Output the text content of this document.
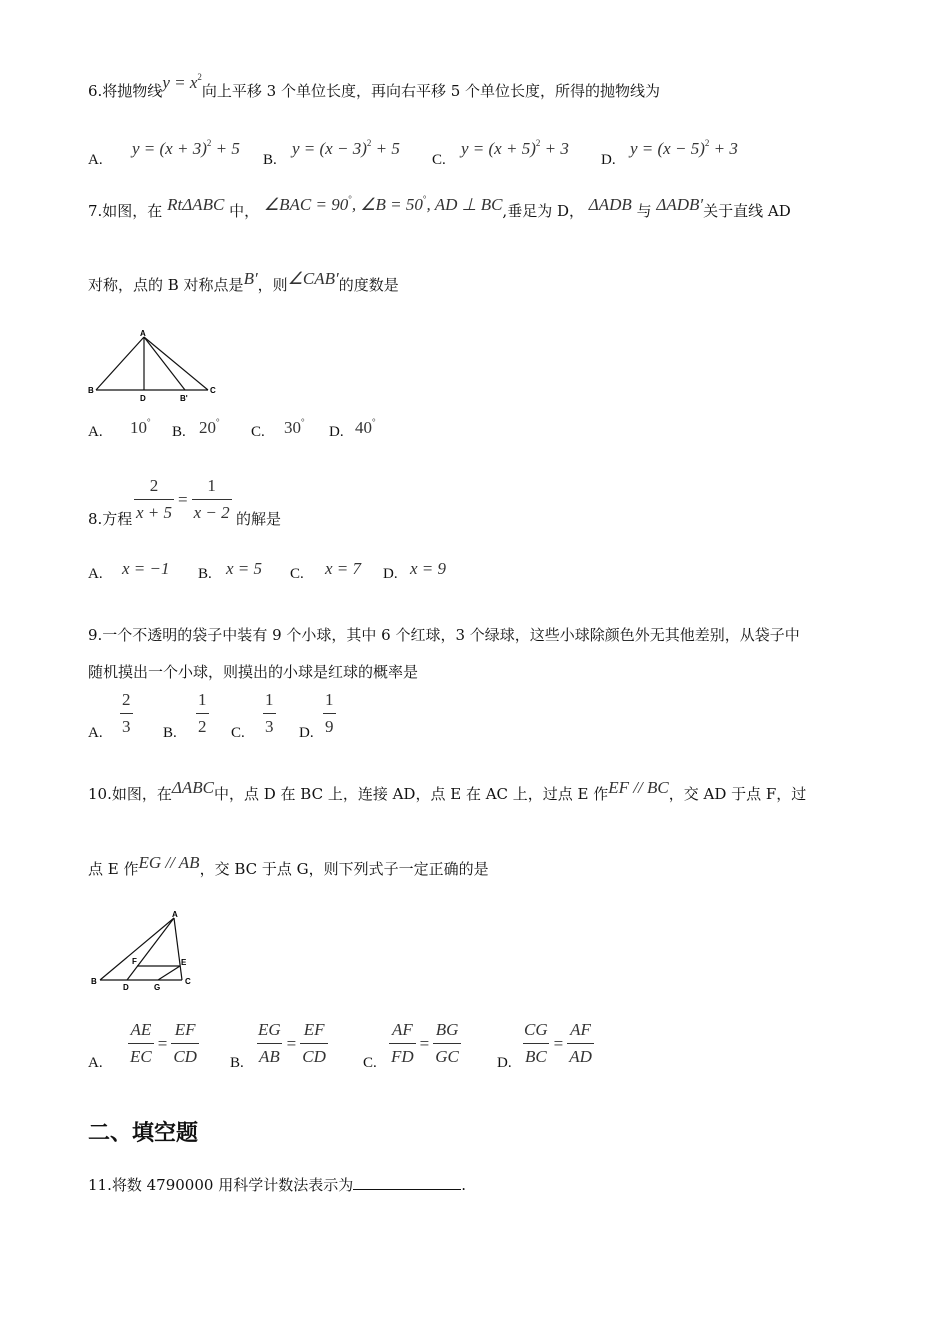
6.将抛物线$y = x^2$向上平移 3 个单位长度，再向右平移 5 个单位长度，所得的抛物线为
A.
$y = (x + 3)^2 + 5$
B.
$y = (x - 3)^2 + 5$
C.
$y = (x + 5)^2 + 3$
D.
$y = (x - 5)^2 + 3$
7.如图，在 RtΔABC 中， ∠BAC = 90°, ∠B = 50°, AD ⊥ BC,垂足为 D， ΔADB 与 ΔADB′关于直线 AD
对称，点的 B 对称点是B′，则∠CAB′的度数是
A
B
D	B'
C
A. 10°
B. 20°
C. 30°
D. 40°
8.方程 $\frac{2}{x + 5} = \frac{1}{x - 2}$ 的解是
A. x = −1 B. x = 5 C. x = 7 D. x = 9
9.一个不透明的袋子中装有 9 个小球，其中 6 个红球，3 个绿球，这些小球除颜色外无其他差别，从袋子中
随机摸出一个小球，则摸出的小球是红球的概率是
A. $\frac{2}{3} B$. $\frac{1}{2} C$. $\frac{1}{3} D$. $\frac{1}{9}$
10.如图，在ΔABC中，点 D 在 BC 上，连接 AD，点 E 在 AC 上，过点 E 作EF // BC，交 AD 于点 F，过
点 E 作EG // AB，交 BC 于点 G，则下列式子一定正确的是
A
F	E
B
D	G
C
A. $\frac{AE}{EC} = \frac{EF}{CD} B$. $\frac{EG}{AB} = \frac{EF}{CD} C$. $\frac{AF}{FD} = \frac{BG}{GC} D$. $\frac{CG}{BC} = \frac{AF}{AD}$
二、填空题
11.将数 4790000 用科学计数法表示为	.
